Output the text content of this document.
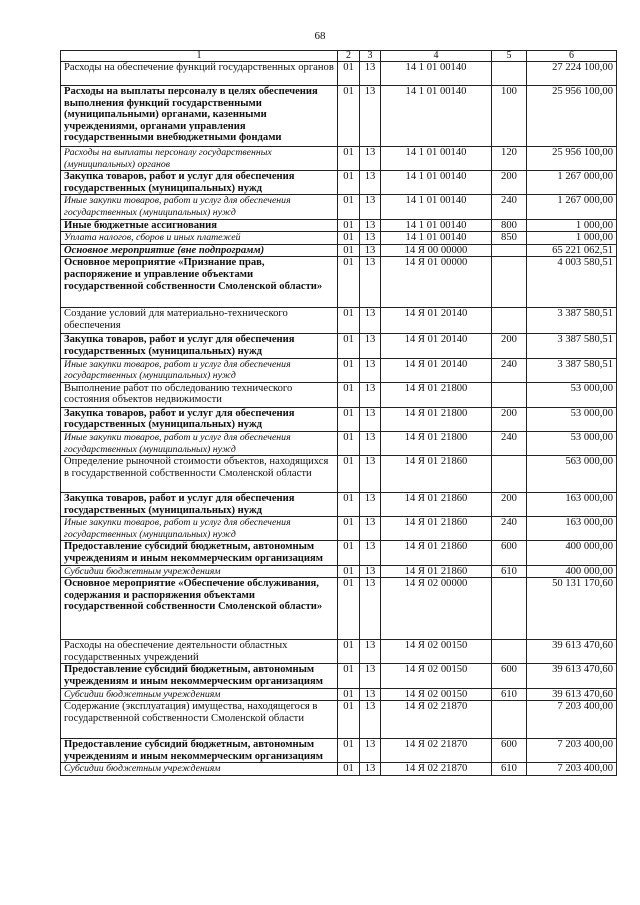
68
1	2	3	4	5	6
Расходы на обеспечение функций государственных органов	01	13	14 1 01 00140		27 224 100,00
Расходы на выплаты персоналу в целях обеспечения выполнения функций государственными (муниципальными) органами, казенными учреждениями, органами управления государственными внебюджетными фондами	01	13	14 1 01 00140	100	25 956 100,00
Расходы на выплаты персоналу государственных (муниципальных) органов	01	13	14 1 01 00140	120	25 956 100,00
Закупка товаров, работ и услуг для обеспечения государственных (муниципальных) нужд	01	13	14 1 01 00140	200	1 267 000,00
Иные закупки товаров, работ и услуг для обеспечения государственных (муниципальных) нужд	01	13	14 1 01 00140	240	1 267 000,00
Иные бюджетные ассигнования	01	13	14 1 01 00140	800	1 000,00
Уплата налогов, сборов и иных платежей	01	13	14 1 01 00140	850	1 000,00
Основное мероприятие (вне подпрограмм)	01	13	14 Я 00 00000		65 221 062,51
Основное мероприятие «Признание прав, распоряжение и управление объектами государственной собственности Смоленской области»	01	13	14 Я 01 00000		4 003 580,51
Создание условий для материально-технического обеспечения	01	13	14 Я 01 20140		3 387 580,51
Закупка товаров, работ и услуг для обеспечения государственных (муниципальных) нужд	01	13	14 Я 01 20140	200	3 387 580,51
Иные закупки товаров, работ и услуг для обеспечения государственных (муниципальных) нужд	01	13	14 Я 01 20140	240	3 387 580,51
Выполнение работ по обследованию технического состояния объектов недвижимости	01	13	14 Я 01 21800		53 000,00
Закупка товаров, работ и услуг для обеспечения государственных (муниципальных) нужд	01	13	14 Я 01 21800	200	53 000,00
Иные закупки товаров, работ и услуг для обеспечения государственных (муниципальных) нужд	01	13	14 Я 01 21800	240	53 000,00
Определение рыночной стоимости объектов, находящихся в государственной собственности Смоленской области	01	13	14 Я 01 21860		563 000,00
Закупка товаров, работ и услуг для обеспечения государственных (муниципальных) нужд	01	13	14 Я 01 21860	200	163 000,00
Иные закупки товаров, работ и услуг для обеспечения государственных (муниципальных) нужд	01	13	14 Я 01 21860	240	163 000,00
Предоставление субсидий бюджетным, автономным учреждениям и иным некоммерческим организациям	01	13	14 Я 01 21860	600	400 000,00
Субсидии бюджетным учреждениям	01	13	14 Я 01 21860	610	400 000,00
Основное мероприятие «Обеспечение обслуживания, содержания и распоряжения объектами государственной собственности Смоленской области»	01	13	14 Я 02 00000		50 131 170,60
Расходы на обеспечение деятельности областных государственных учреждений	01	13	14 Я 02 00150		39 613 470,60
Предоставление субсидий бюджетным, автономным учреждениям и иным некоммерческим организациям	01	13	14 Я 02 00150	600	39 613 470,60
Субсидии бюджетным учреждениям	01	13	14 Я 02 00150	610	39 613 470,60
Содержание (эксплуатация) имущества, находящегося в государственной собственности Смоленской области	01	13	14 Я 02 21870		7 203 400,00
Предоставление субсидий бюджетным, автономным учреждениям и иным некоммерческим организациям	01	13	14 Я 02 21870	600	7 203 400,00
Субсидии бюджетным учреждениям	01	13	14 Я 02 21870	610	7 203 400,00
